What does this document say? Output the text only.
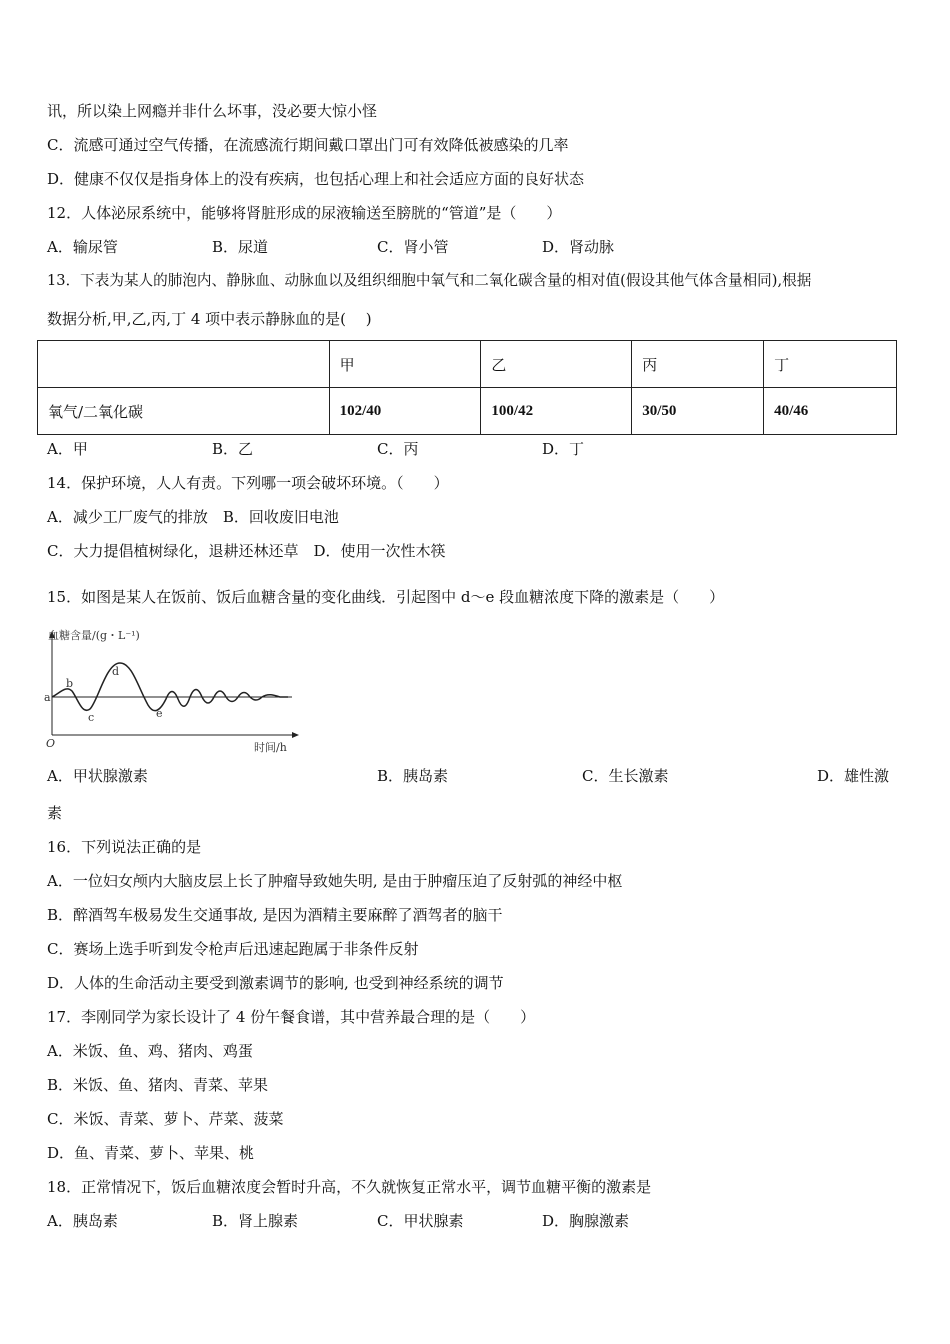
讯，所以染上网瘾并非什么坏事，没必要大惊小怪
C．流感可通过空气传播，在流感流行期间戴口罩出门可有效降低被感染的几率
D．健康不仅仅是指身体上的没有疾病，也包括心理上和社会适应方面的良好状态
12．人体泌尿系统中，能够将肾脏形成的尿液输送至膀胱的“管道”是（　　）
A．输尿管	B．尿道	C．肾小管	D．肾动脉
13．下表为某人的肺泡内、静脉血、动脉血以及组织细胞中氧气和二氧化碳含量的相对值(假设其他气体含量相同),根据
数据分析,甲,乙,丙,丁 4 项中表示静脉血的是(　 )
	甲	乙	丙	丁
氧气/二氧化碳	102/40	100/42	30/50	40/46
A．甲	B．乙	C．丙	D．丁
14．保护环境，人人有责。下列哪一项会破坏环境。（　　）
A．减少工厂废气的排放　B．回收废旧电池
C．大力提倡植树绿化，退耕还林还草　D．使用一次性木筷
15．如图是某人在饭前、饭后血糖含量的变化曲线．引起图中 d～e 段血糖浓度下降的激素是（　　）
血糖含量/(g・L⁻¹)
a
b
c
d
e
O	时间/h
A．甲状腺激素	B．胰岛素	C．生长激素	D．雄性激
素
16．下列说法正确的是
A．一位妇女颅内大脑皮层上长了肿瘤导致她失明, 是由于肿瘤压迫了反射弧的神经中枢
B．醉酒驾车极易发生交通事故, 是因为酒精主要麻醉了酒驾者的脑干
C．赛场上选手听到发令枪声后迅速起跑属于非条件反射
D．人体的生命活动主要受到激素调节的影响, 也受到神经系统的调节
17．李刚同学为家长设计了 4 份午餐食谱，其中营养最合理的是（　　）
A．米饭、鱼、鸡、猪肉、鸡蛋
B．米饭、鱼、猪肉、青菜、苹果
C．米饭、青菜、萝卜、芹菜、菠菜
D．鱼、青菜、萝卜、苹果、桃
18．正常情况下，饭后血糖浓度会暂时升高，不久就恢复正常水平，调节血糖平衡的激素是
A．胰岛素	B．肾上腺素	C．甲状腺素	D．胸腺激素
